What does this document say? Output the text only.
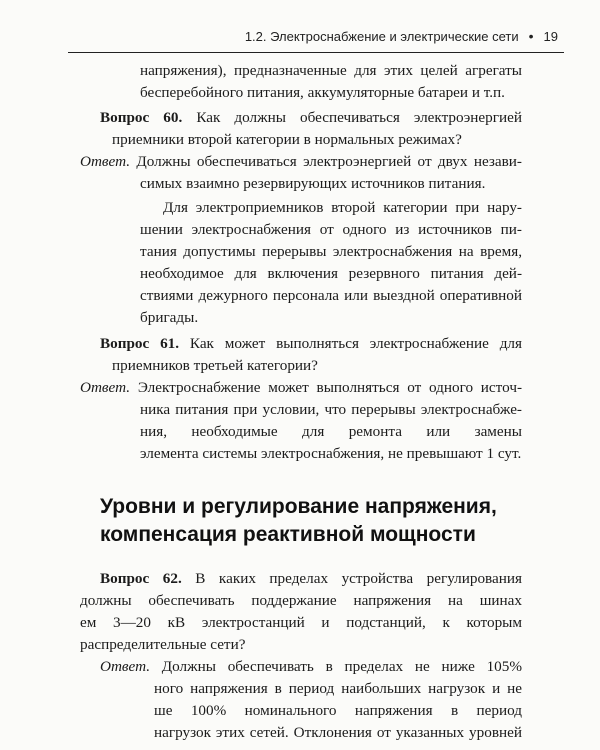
1.2. Электроснабжение и электрические сети • 19
напряжения), предназначенные для этих целей агрегаты
бесперебойного питания, аккумуляторные батареи и т.п.
Вопрос 60. Как должны обеспечиваться электроэнергией
приемники второй категории в нормальных режимах?
Ответ. Должны обеспечиваться электроэнергией от двух незави-
симых взаимно резервирующих источников питания.
Для электроприемников второй категории при нару-
шении электроснабжения от одного из источников пи-
тания допустимы перерывы электроснабжения на время,
необходимое для включения резервного питания дей-
ствиями дежурного персонала или выездной оперативной
бригады.
Вопрос 61. Как может выполняться электроснабжение для
приемников третьей категории?
Ответ. Электроснабжение может выполняться от одного источ-
ника питания при условии, что перерывы электроснабже-
ния, необходимые для ремонта или замены
элемента системы электроснабжения, не превышают 1 сут.
Уровни и регулирование напряжения,
компенсация реактивной мощности
Вопрос 62. В каких пределах устройства регулирования
должны обеспечивать поддержание напряжения на шинах
ем 3—20 кВ электростанций и подстанций, к которым
распределительные сети?
Ответ. Должны обеспечивать в пределах не ниже 105%
ного напряжения в период наибольших нагрузок и не
ше 100% номинального напряжения в период
нагрузок этих сетей. Отклонения от указанных уровней
